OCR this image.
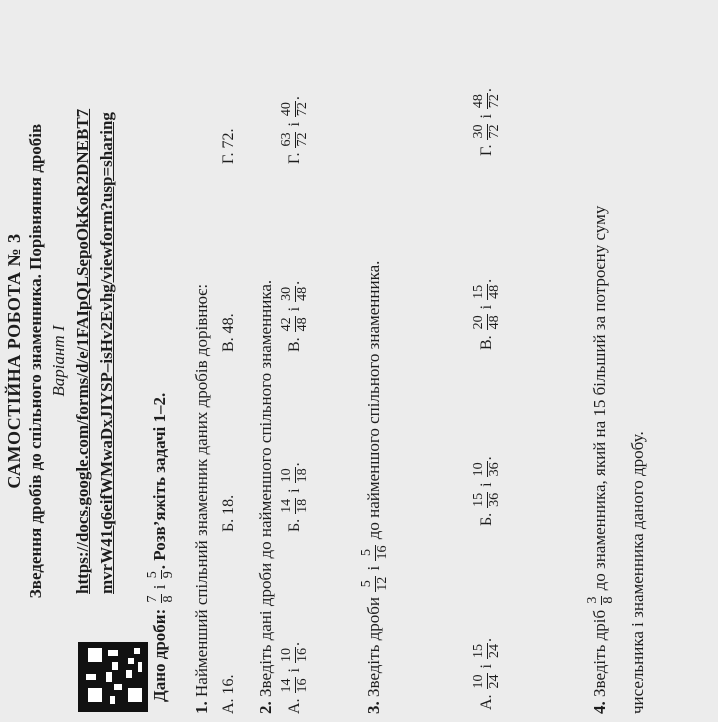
САМОСТІЙНА РОБОТА № 3 Зведення дробів до спільного знаменника. Порівняння дробів Варіант І https://docs.google.com/forms/d/e/1FAIpQLSepoOkKoR2DNEBT7 mvrW41q6eifWMwaDxJIYSP–isHv2Evhg/viewform?usp=sharing
Дано дроби:
7 8
і
5 9
. Розв’яжіть задачі 1–2.
1. Найменший спільний знаменник даних дробів дорівнює:
А. 16.
Б. 18.
В. 48.
Г. 72.
2. Зведіть дані дроби до найменшого спільного знаменника.
А.
14 16
і
10 16
.
Б.
14 18
і
10 18
.
В.
42 48
і
30 48
.
Г.
63 72
і
40 72
.
3. Зведіть дроби
5 12
і
5 16
до найменшого спільного знаменника.
А.
10 24
і
15 24
.
Б.
15 36
і
10 36
.
В.
20 48
і
15 48
.
Г.
30 72
і
48 72
.
4. Зведіть дріб
3 8
до знаменника, який на 15 більший за потроєну суму	чисельника і знаменника даного дробу.
